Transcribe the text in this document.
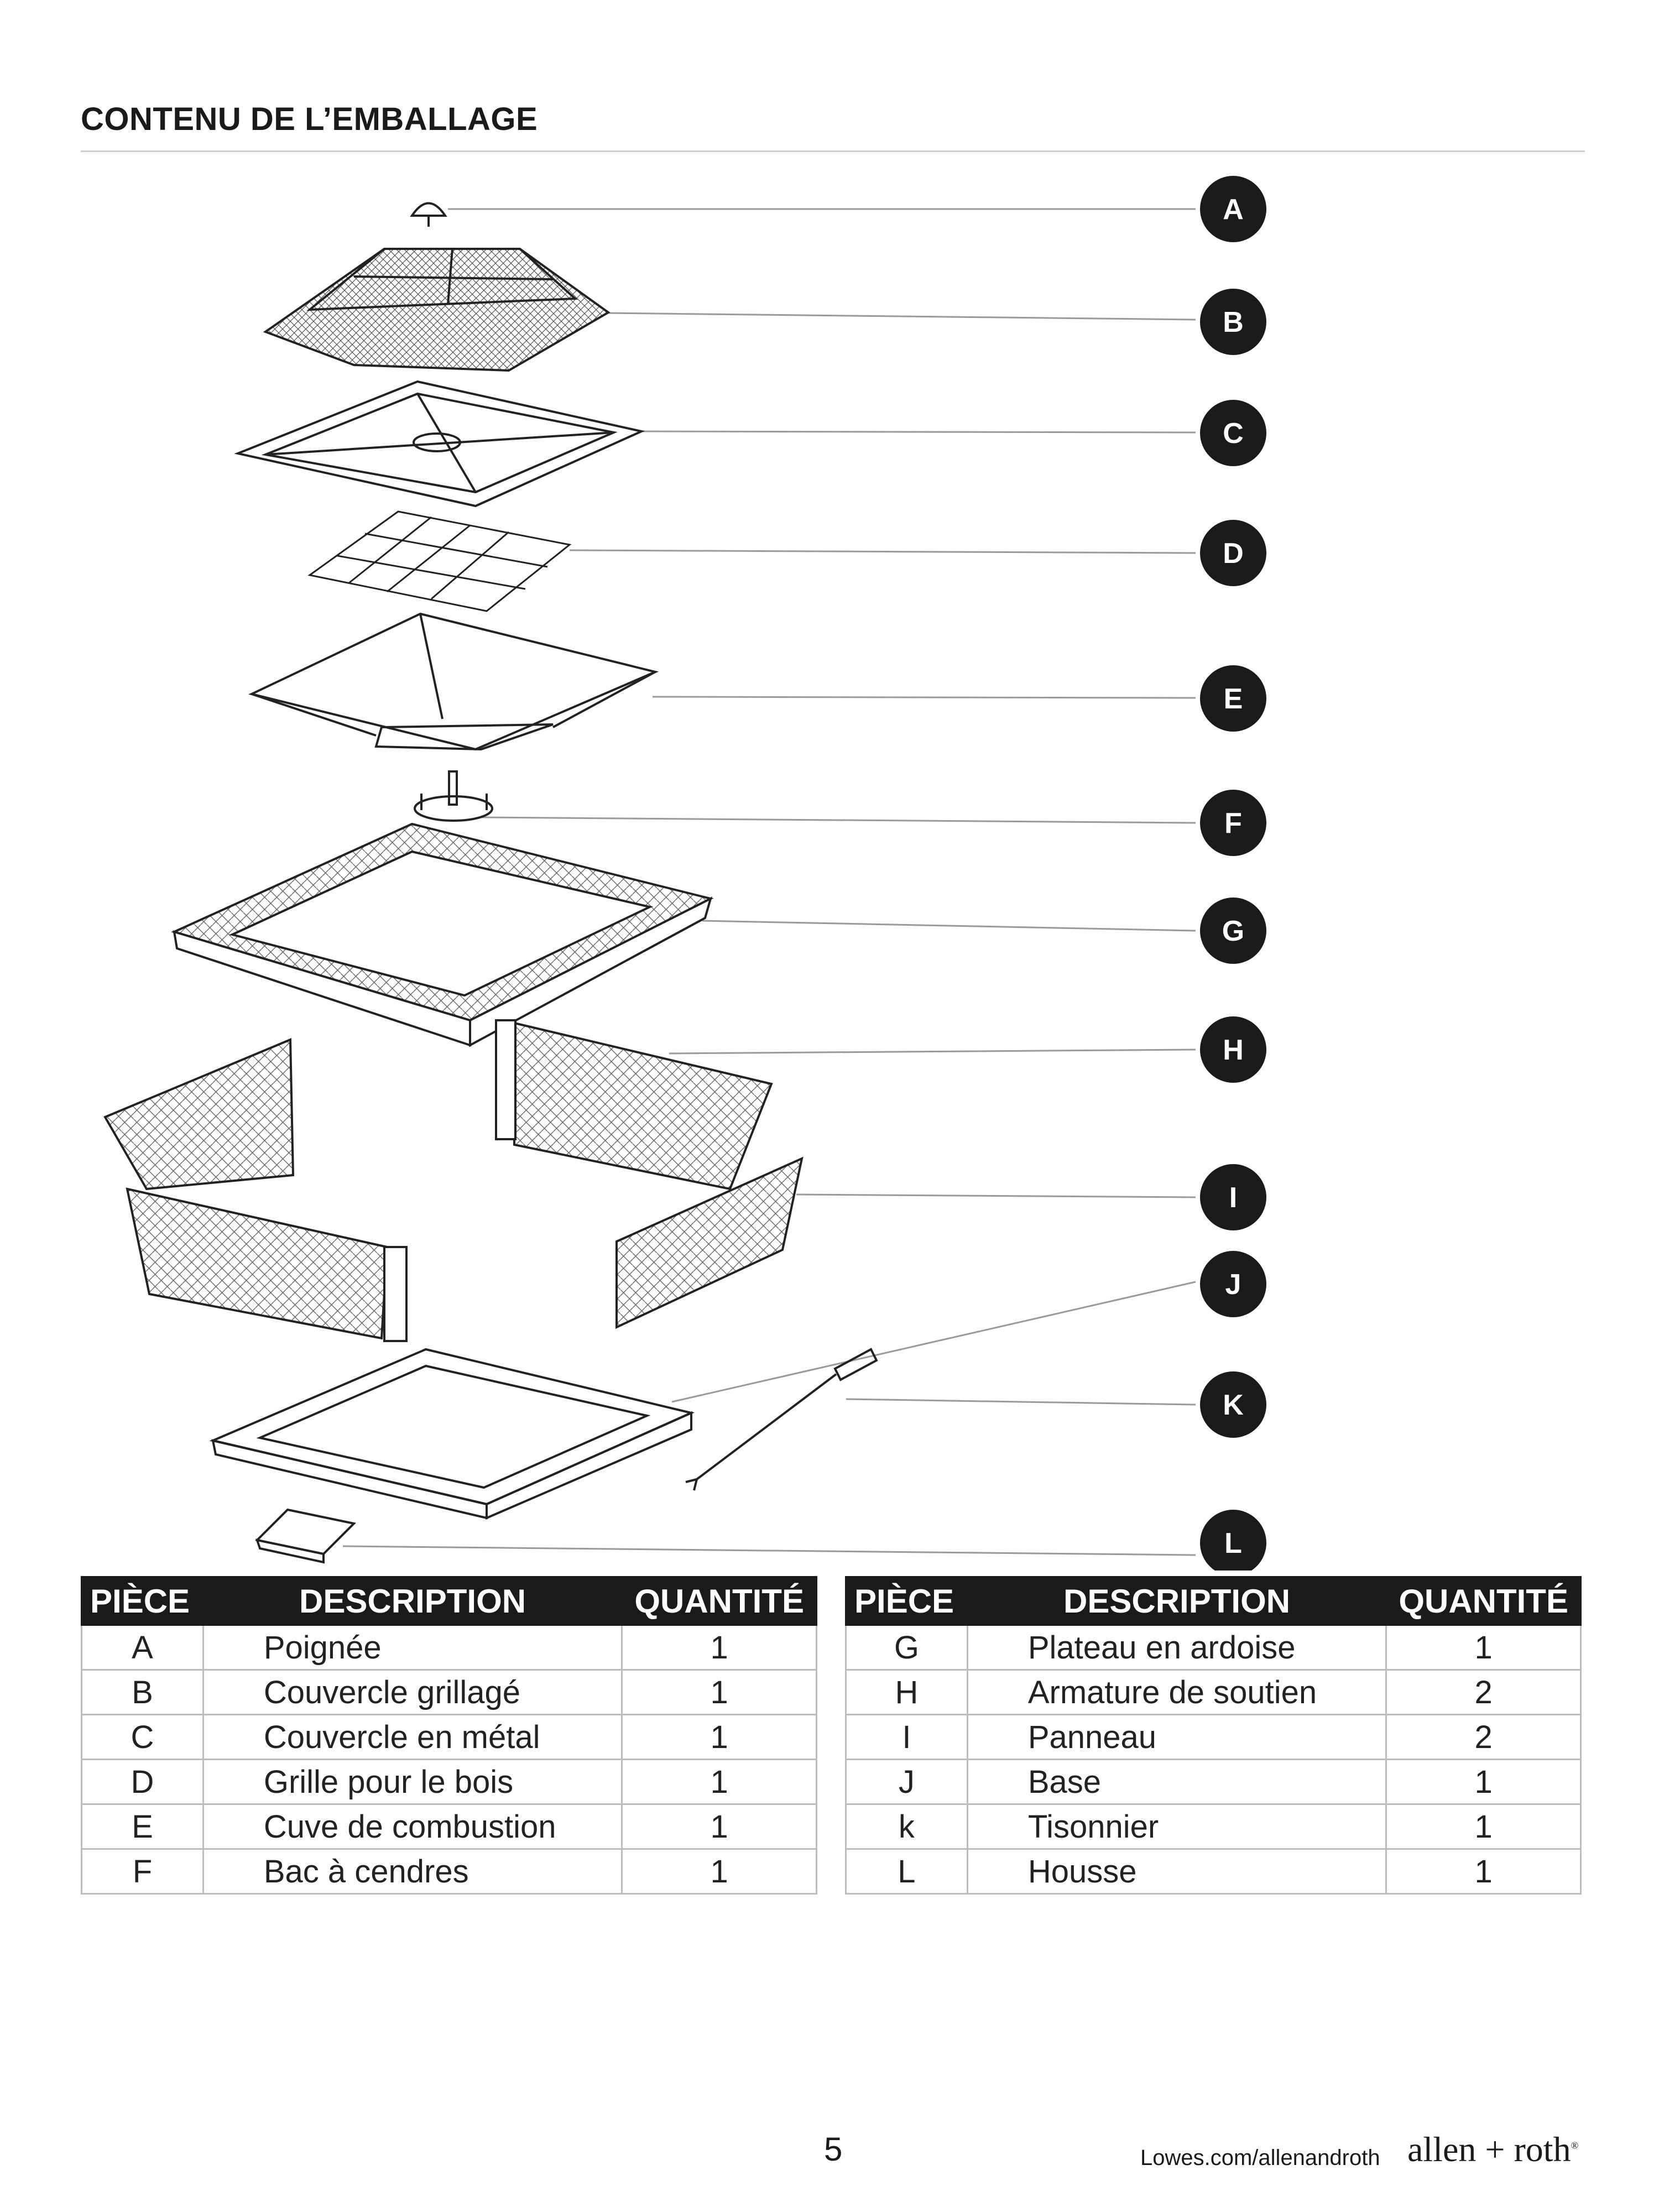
CONTENU DE L’EMBALLAGE
A
B
C
D
E
F
G
H
I
J
K
L
PIÈCE	DESCRIPTION	QUANTITÉ
A	Poignée	1
B	Couvercle grillagé	1
C	Couvercle en métal	1
D	Grille pour le bois	1
E	Cuve de combustion	1
F	Bac à cendres	1
PIÈCE	DESCRIPTION	QUANTITÉ
G	Plateau en ardoise	1
H	Armature de soutien	2
I	Panneau	2
J	Base	1
k	Tisonnier	1
L	Housse	1
5	Lowes.com/allenandroth allen + roth®
